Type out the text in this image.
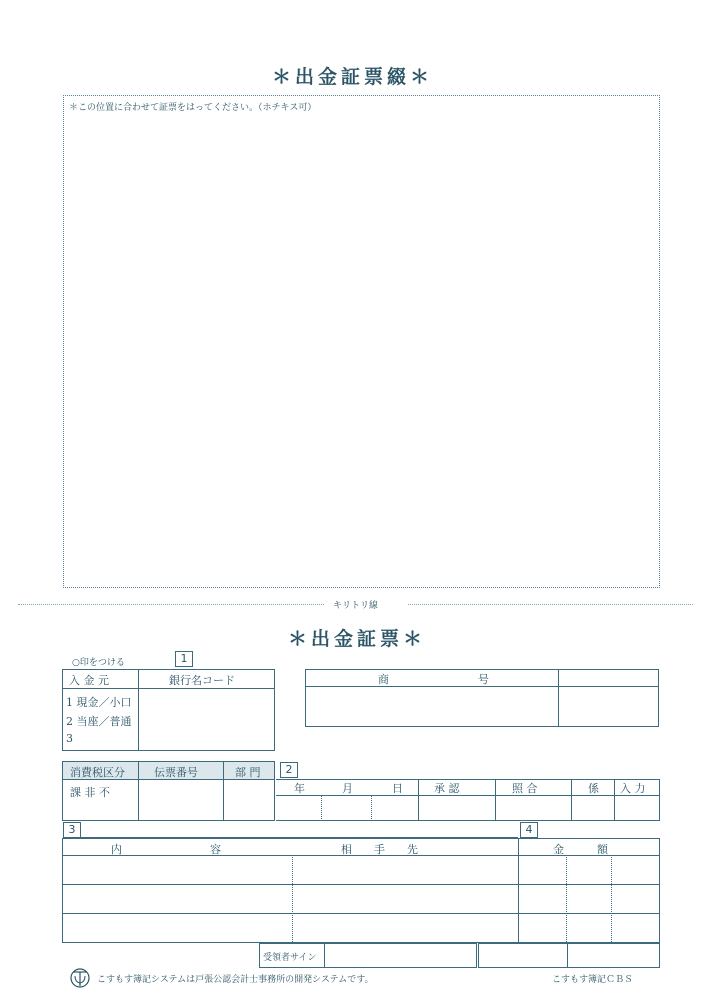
＊出金証票綴＊
＊この位置に合わせて証票をはってください。（ホチキス可）
キリトリ線
＊出金証票＊
○印をつける	1
入 金 元	銀行名コード
1 現金／小口
2 当座／普通
3
商	号
消費税区分	伝票番号	部 門
課 非 不
2
年	月	日	承 認	照 合	係 入 力
3	4
内　　　　　　　　容	相　　手　　先	金　　　額
受領者サイン
こすもす簿記システムは戸張公認会計士事務所の開発システムです。	こすもす簿記ＣＢＳ
